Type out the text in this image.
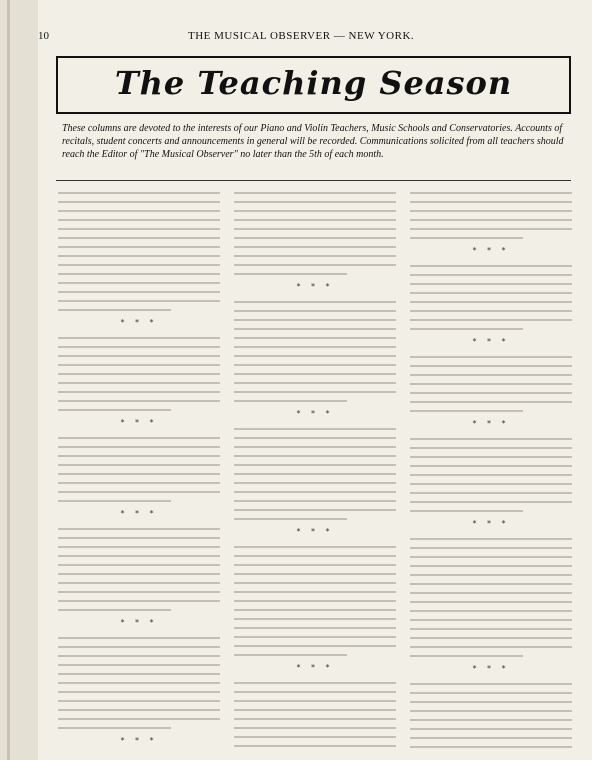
10	THE MUSICAL OBSERVER — NEW YORK.
The Teaching Season
These columns are devoted to the interests of our Piano and Violin Teachers, Music Schools and Conservatories. Accounts of recitals, student concerts and announcements in general will be recorded. Communications solicited from all teachers should reach the Editor of "The Musical Observer" no later than the 5th of each month.
* * *
* * *
* * *
* * *
* * *
* * *
* * *
* * *
* * *
* * *
* * *
* * *
* * *
* * *
